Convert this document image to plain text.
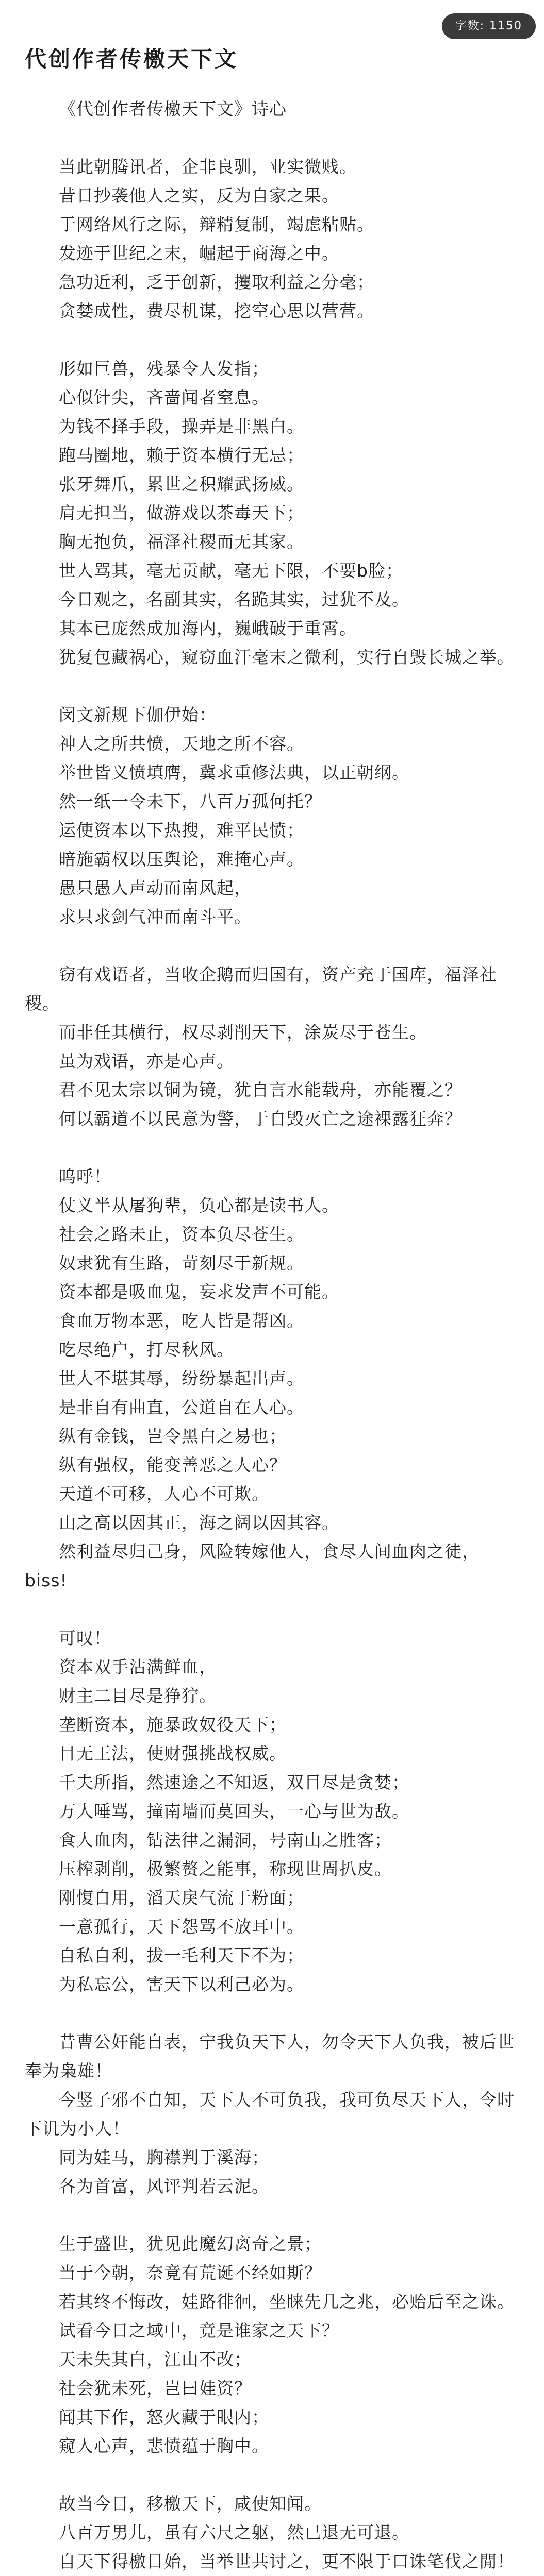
字数: 1150
代创作者传檄天下文

《代创作者传檄天下文》诗心

当此朝腾讯者，企非良驯，业实微贱。

昔日抄袭他人之实，反为自家之果。

于网络风行之际，辩精复制，竭虑粘贴。

发迹于世纪之末，崛起于商海之中。

急功近利，乏于创新，攫取利益之分毫；

贪婪成性，费尽机谋，挖空心思以营营。

形如巨兽，残暴令人发指；

心似针尖，吝啬闻者窒息。

为钱不择手段，操弄是非黑白。

跑马圈地，赖于资本横行无忌；

张牙舞爪，累世之积耀武扬威。

肩无担当，做游戏以茶毒天下；

胸无抱负，福泽社稷而无其家。

世人骂其，毫无贡献，毫无下限，不要b脸；

今日观之，名副其实，名跪其实，过犹不及。

其本已庞然成加海内，巍峨破于重霄。

犹复包藏祸心，窥窃血汗毫末之微利，实行自毁长城之举。

闵文新规下伽伊始：

神人之所共愤，天地之所不容。

举世皆义愤填膺，冀求重修法典，以正朝纲。

然一纸一令未下，八百万孤何托？

运使资本以下热搜，难平民愤；

暗施霸权以压舆论，难掩心声。

愚只愚人声动而南风起，

求只求剑气冲而南斗平。

窃有戏语者，当收企鹅而归国有，资产充于国库，福泽社稷。

而非任其横行，权尽剥削天下，涂炭尽于苍生。

虽为戏语，亦是心声。

君不见太宗以铜为镜，犹自言水能载舟，亦能覆之？

何以霸道不以民意为警，于自毁灭亡之途裸露狂奔？

呜呼！

仗义半从屠狗辈，负心都是读书人。

社会之路未止，资本负尽苍生。

奴隶犹有生路，苛刻尽于新规。

资本都是吸血鬼，妄求发声不可能。

食血万物本恶，吃人皆是帮凶。

吃尽绝户，打尽秋风。

世人不堪其辱，纷纷暴起出声。

是非自有曲直，公道自在人心。

纵有金钱，岂令黑白之易也；

纵有强权，能变善恶之人心？

天道不可移，人心不可欺。

山之高以因其正，海之阔以因其容。

然利益尽归己身，风险转嫁他人，食尽人间血肉之徒，biss!

可叹！

资本双手沾满鲜血，

财主二目尽是狰狞。

垄断资本，施暴政奴役天下；

目无王法，使财强挑战权威。

千夫所指，然速途之不知返，双目尽是贪婪；

万人唾骂，撞南墙而莫回头，一心与世为敌。

食人血肉，钻法律之漏洞，号南山之胜客；

压榨剥削，极繁赘之能事，称现世周扒皮。

刚愎自用，滔天戾气流于粉面；

一意孤行，天下怨骂不放耳中。

自私自利，拔一毛利天下不为；

为私忘公，害天下以利己必为。

昔曹公奸能自表，宁我负天下人，勿令天下人负我，被后世奉为枭雄！

今竖子邪不自知，天下人不可负我，我可负尽天下人，令时下讥为小人！

同为娃马，胸襟判于溪海；

各为首富，风评判若云泥。

生于盛世，犹见此魔幻离奇之景；

当于今朝，奈竟有荒诞不经如斯？

若其终不悔改，娃路徘徊，坐睐先几之兆，必贻后至之诛。

试看今日之域中，竟是谁家之天下？

天未失其白，江山不改；

社会犹未死，岂曰娃资？

闻其下作，怒火藏于眼内；

窥人心声，悲愤蕴于胸中。

故当今日，移檄天下，咸使知闻。

八百万男儿，虽有六尺之躯，然已退无可退。

自天下得檄日始，当举世共讨之，更不限于口诛笔伐之閒！
